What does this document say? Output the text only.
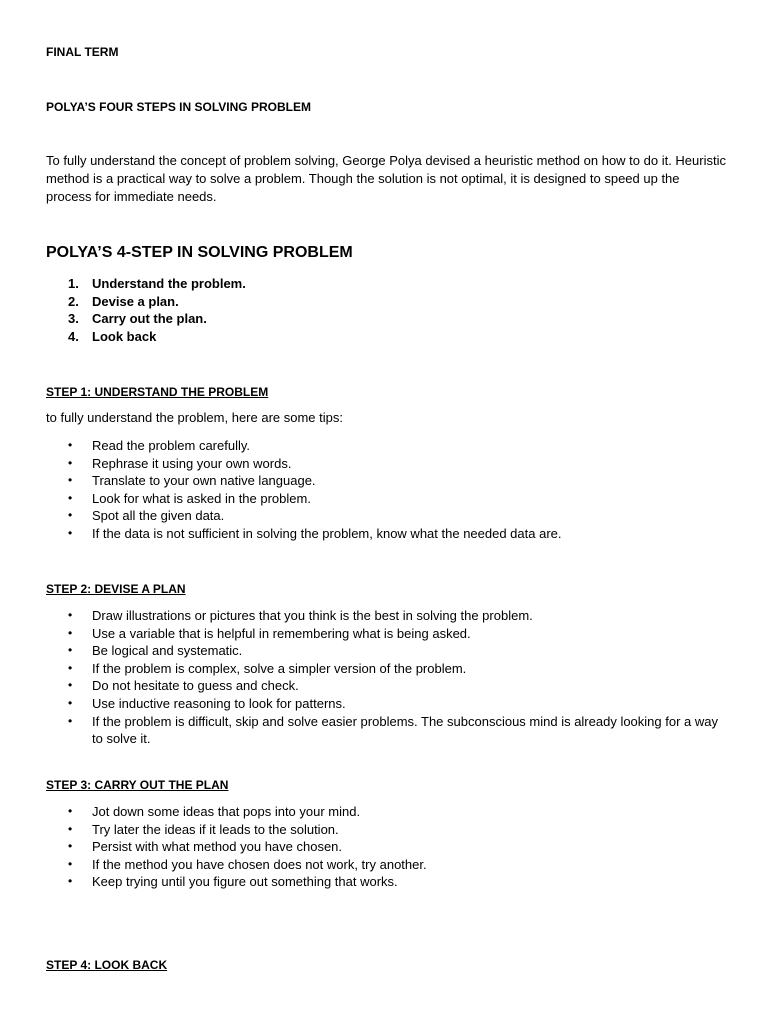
FINAL TERM

POLYA’S FOUR STEPS IN SOLVING PROBLEM

To fully understand the concept of problem solving, George Polya devised a heuristic method on how to do it. Heuristic method is a practical way to solve a problem. Though the solution is not optimal, it is designed to speed up the process for immediate needs.

POLYA’S 4-STEP IN SOLVING PROBLEM

1. Understand the problem.
2. Devise a plan.
3. Carry out the plan.
4. Look back

STEP 1: UNDERSTAND THE PROBLEM

to fully understand the problem, here are some tips:

• Read the problem carefully.
• Rephrase it using your own words.
• Translate to your own native language.
• Look for what is asked in the problem.
• Spot all the given data.
• If the data is not sufficient in solving the problem, know what the needed data are.

STEP 2: DEVISE A PLAN

• Draw illustrations or pictures that you think is the best in solving the problem.
• Use a variable that is helpful in remembering what is being asked.
• Be logical and systematic.
• If the problem is complex, solve a simpler version of the problem.
• Do not hesitate to guess and check.
• Use inductive reasoning to look for patterns.
• If the problem is difficult, skip and solve easier problems. The subconscious mind is already looking for a way to solve it.

STEP 3: CARRY OUT THE PLAN

• Jot down some ideas that pops into your mind.
• Try later the ideas if it leads to the solution.
• Persist with what method you have chosen.
• If the method you have chosen does not work, try another.
• Keep trying until you figure out something that works.

STEP 4: LOOK BACK
